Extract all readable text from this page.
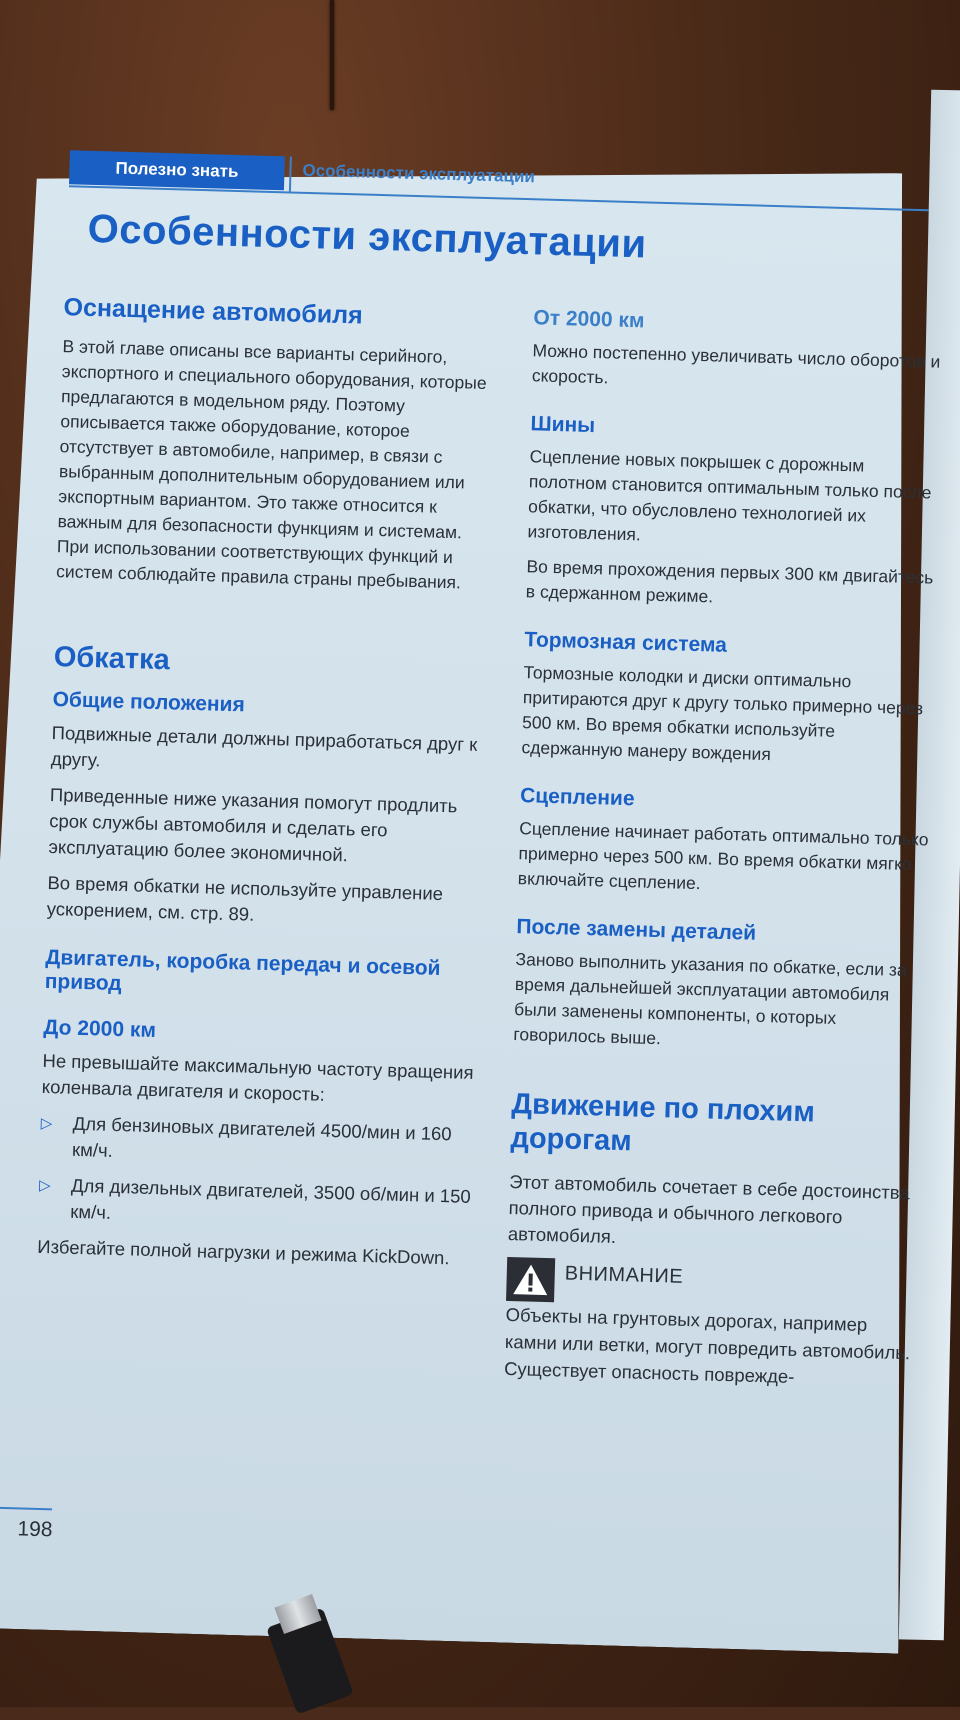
Полезно знать	Особенности эксплуатации
Особенности эксплуатации
Оснащение автомобиля

В этой главе описаны все варианты серийного, экспортного и специального оборудования, которые предлагаются в модельном ряду. Поэтому описывается также оборудование, которое отсутствует в автомобиле, например, в связи с выбранным дополнительным оборудованием или экспортным вариантом. Это также относится к важным для безопасности функциям и системам. При использовании соответствующих функций и систем соблюдайте правила страны пребывания.

Обкатка
Общие положения

Подвижные детали должны приработаться друг к другу.

Приведенные ниже указания помогут продлить срок службы автомобиля и сделать его эксплуатацию более экономичной.

Во время обкатки не используйте управление ускорением, см. стр. 89.

Двигатель, коробка передач и осевой привод
До 2000 км

Не превышайте максимальную частоту вращения коленвала двигателя и скорость:

▷	Для бензиновых двигателей 4500/мин и 160 км/ч.
▷	Для дизельных двигателей, 3500 об/мин и 150 км/ч.

Избегайте полной нагрузки и режима KickDown.

От 2000 км

Можно постепенно увеличивать число оборотов и скорость.

Шины

Сцепление новых покрышек с дорожным полотном становится оптимальным только после обкатки, что обусловлено технологией их изготовления.

Во время прохождения первых 300 км двигайтесь в сдержанном режиме.

Тормозная система

Тормозные колодки и диски оптимально притираются друг к другу только примерно через 500 км. Во время обкатки используйте сдержанную манеру вождения

Сцепление

Сцепление начинает работать оптимально только примерно через 500 км. Во время обкатки мягко включайте сцепление.

После замены деталей

Заново выполнить указания по обкатке, если за время дальнейшей эксплуатации автомобиля были заменены компоненты, о которых говорилось выше.

Движение по плохим дорогам

Этот автомобиль сочетает в себе достоинства полного привода и обычного легкового автомобиля.

ВНИМАНИЕ

Объекты на грунтовых дорогах, например камни или ветки, могут повредить автомобиль. Существует опасность поврежде-

198
